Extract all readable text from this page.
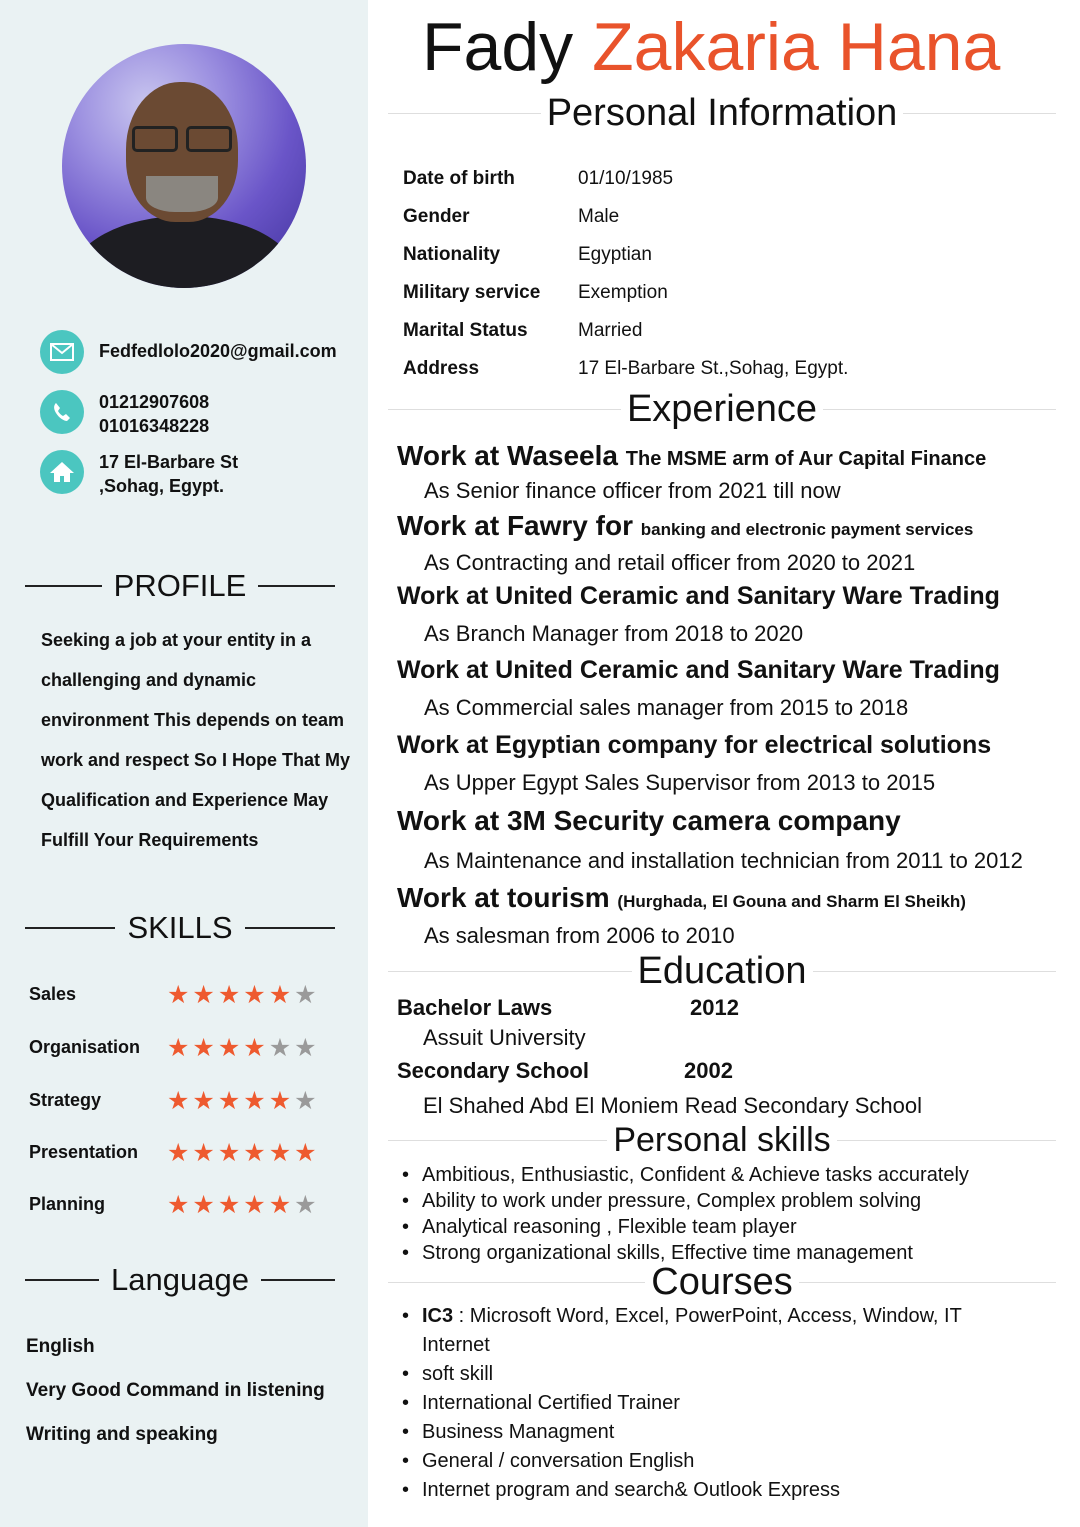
Fedfedlolo2020@gmail.com
01212907608
01016348228
17 El-Barbare St
,Sohag, Egypt.
PROFILE
Seeking a job at your entity in a challenging and dynamic environment This depends on team work and respect So I Hope That My Qualification and Experience May Fulfill Your Requirements
SKILLS
Sales	★★★★★★
Organisation ★★★★★★
Strategy	★★★★★★
Presentation ★★★★★★
Planning ★★★★★★
Language
English
Very Good Command in listening
Writing and speaking
Fady Zakaria Hana
Personal Information
Date of birth	01/10/1985
Gender	Male
Nationality	Egyptian
Military service	Exemption
Marital Status	Married
Address	17 El-Barbare St.,Sohag, Egypt.
Experience
Work at Waseela The MSME arm of Aur Capital Finance
As Senior finance officer from 2021 till now
Work at Fawry for banking and electronic payment services
As Contracting and retail officer from 2020 to 2021
Work at United Ceramic and Sanitary Ware Trading
As Branch Manager from 2018 to 2020
Work at United Ceramic and Sanitary Ware Trading
As Commercial sales manager from 2015 to 2018
Work at Egyptian company for electrical solutions
As Upper Egypt Sales Supervisor from 2013 to 2015
Work at 3M Security camera company
As Maintenance and installation technician from 2011 to 2012
Work at tourism (Hurghada, El Gouna and Sharm El Sheikh)
As salesman from 2006 to 2010
Education
Bachelor Laws	2012
Assuit University
Secondary School	2002
El Shahed Abd El Moniem Read Secondary School
Personal skills
• Ambitious, Enthusiastic, Confident & Achieve tasks accurately
• Ability to work under pressure, Complex problem solving
• Analytical reasoning , Flexible team player
• Strong organizational skills, Effective time management
Courses
• IC3 : Microsoft Word, Excel, PowerPoint, Access, Window, IT Internet
• soft skill
• International Certified Trainer
• Business Managment
• General / conversation English
• Internet program and search& Outlook Express
